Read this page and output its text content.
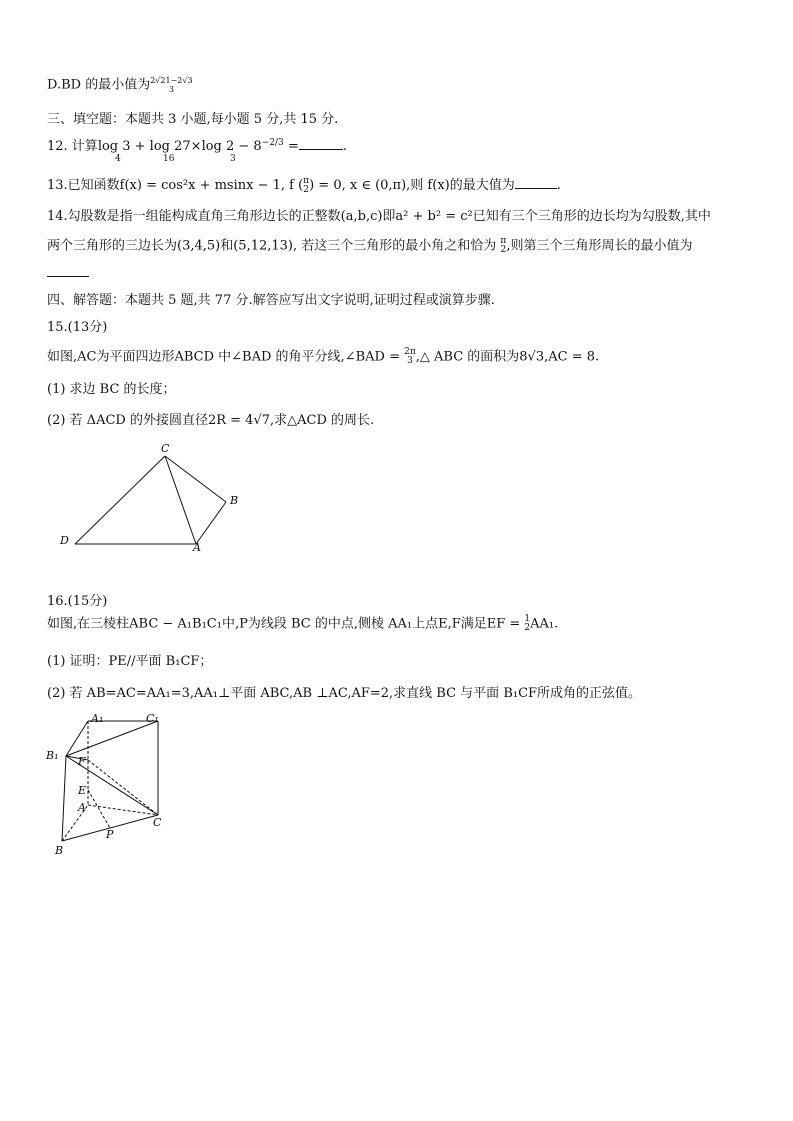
D.BD 的最小值为 2√21−2√3
3
三、填空题：本题共 3 小题,每小题 5 分,共 15 分.
12. 计算log 3 + log 27×log $2 - 8^{-2/3}$ =	.
4	16	3
13.已知函数f(x) = cos²x + msinx − 1, f ( π
2 ) = 0, x ∈ (0,π),则 f(x)的最大值为	.
14.勾股数是指一组能构成直角三角形边长的正整数(a,b,c)即a² + b² = c²已知有三个三角形的边长均为勾股数,其中
两个三角形的三边长为(3,4,5)和(5,12,13), 若这三个三角形的最小角之和恰为 π
2 ,则第三个三角形周长的最小值为
四、解答题：本题共 5 题,共 77 分.解答应写出文字说明,证明过程或演算步骤.
15.(13分)
如图,AC为平面四边形ABCD 中∠BAD 的角平分线,∠BAD = 2π
3 ,△ ABC 的面积为8√3,AC = 8.
(1) 求边 BC 的长度；
(2) 若 ΔACD 的外接圆直径2R = 4√7,求△ACD 的周长.
C
B
D
A
16.(15分)
如图,在三棱柱ABC − A₁B₁C₁中,P为线段 BC 的中点,侧棱 AA₁上点E,F满足EF = 1
2 AA₁.
(1) 证明：PE//平面 B₁CF；
(2) 若 AB=AC=AA₁=3,AA₁⊥平面 ABC,AB ⊥AC,AF=2,求直线 BC 与平面 B₁CF所成角的正弦值。
A₁	C₁
B₁ F
E
A
C
P
B
